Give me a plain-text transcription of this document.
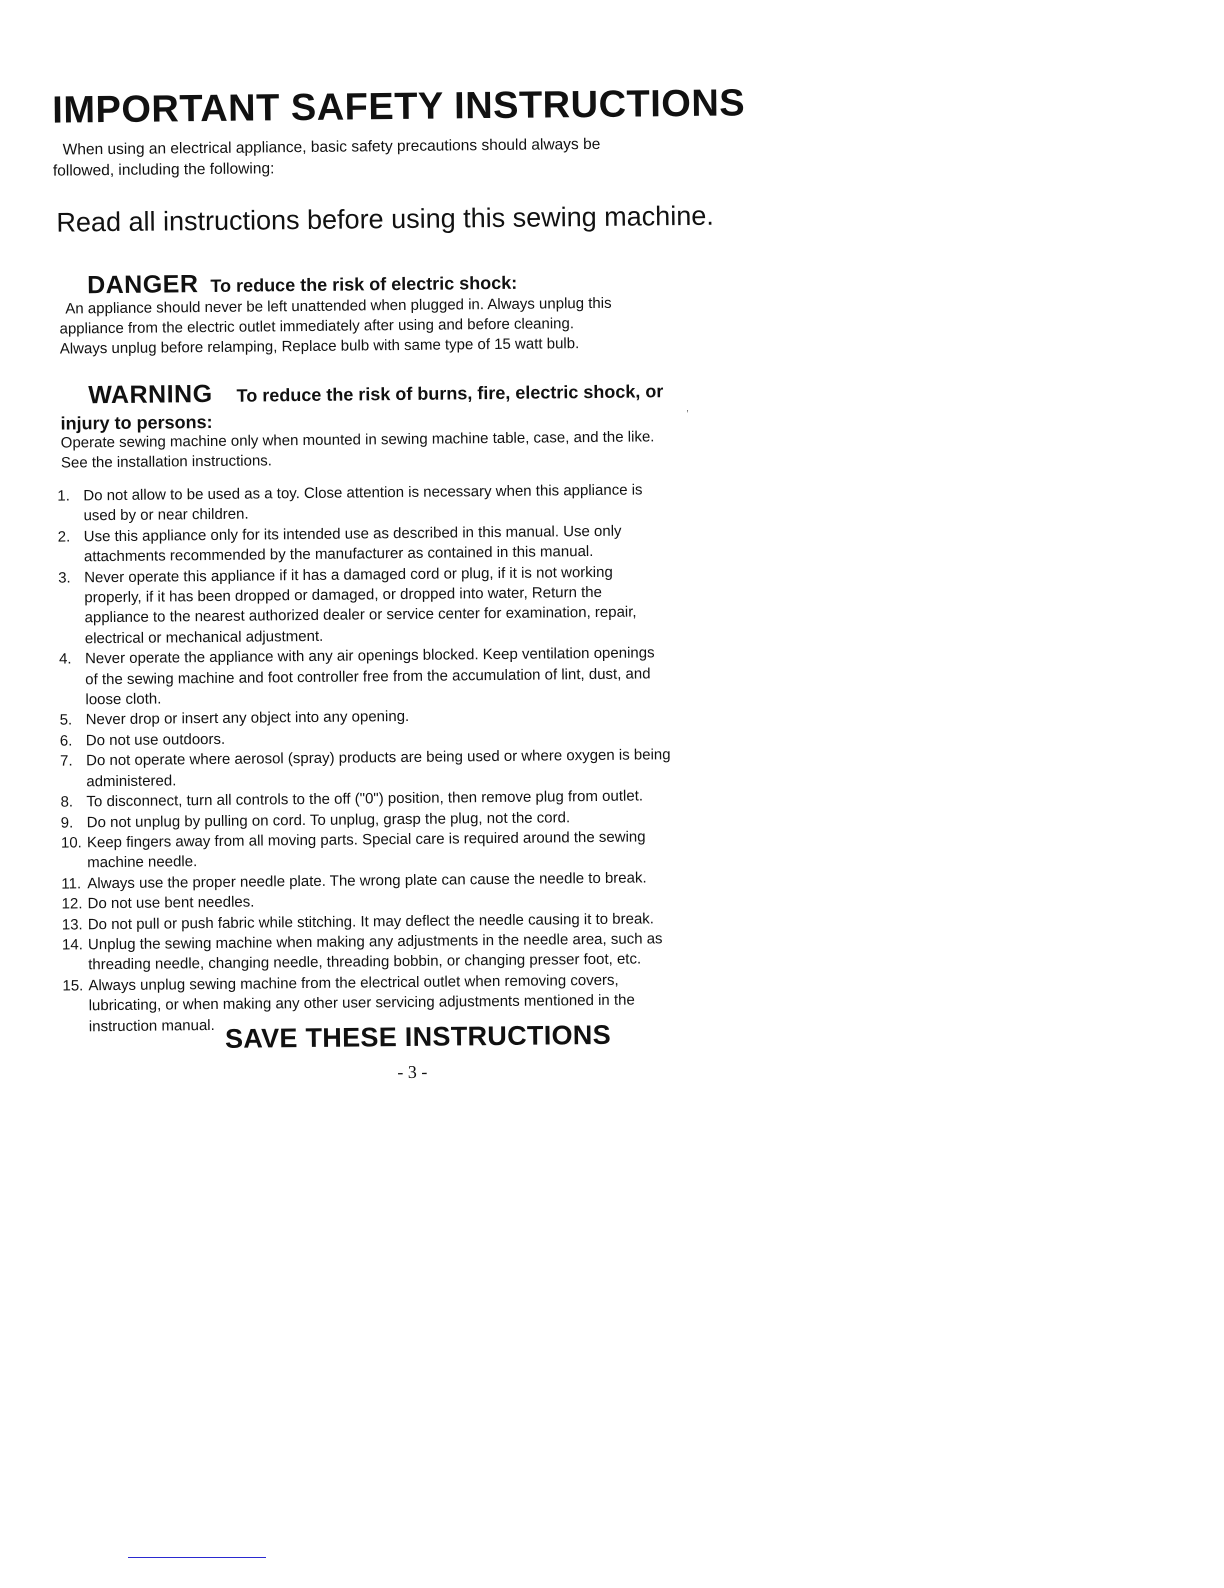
IMPORTANT SAFETY INSTRUCTIONS
When using an electrical appliance, basic safety precautions should always be
followed, including the following:
Read all instructions before using this sewing machine.
DANGER To reduce the risk of electric shock:
An appliance should never be left unattended when plugged in. Always unplug this
appliance from the electric outlet immediately after using and before cleaning.
Always unplug before relamping, Replace bulb with same type of 15 watt bulb.
WARNING To reduce the risk of burns, fire, electric shock, or
injury to persons:	’
Operate sewing machine only when mounted in sewing machine table, case, and the like.
See the installation instructions.
1. Do not allow to be used as a toy. Close attention is necessary when this appliance is
used by or near children.
2. Use this appliance only for its intended use as described in this manual. Use only
attachments recommended by the manufacturer as contained in this manual.
3. Never operate this appliance if it has a damaged cord or plug, if it is not working
properly, if it has been dropped or damaged, or dropped into water, Return the
appliance to the nearest authorized dealer or service center for examination, repair,
electrical or mechanical adjustment.
4. Never operate the appliance with any air openings blocked. Keep ventilation openings
of the sewing machine and foot controller free from the accumulation of lint, dust, and
loose cloth.
5. Never drop or insert any object into any opening.
6. Do not use outdoors.
7. Do not operate where aerosol (spray) products are being used or where oxygen is being
administered.
8. To disconnect, turn all controls to the off ("0") position, then remove plug from outlet.
9. Do not unplug by pulling on cord. To unplug, grasp the plug, not the cord.
10. Keep fingers away from all moving parts. Special care is required around the sewing
machine needle.
11. Always use the proper needle plate. The wrong plate can cause the needle to break.
12. Do not use bent needles.
13. Do not pull or push fabric while stitching. It may deflect the needle causing it to break.
14. Unplug the sewing machine when making any adjustments in the needle area, such as
threading needle, changing needle, threading bobbin, or changing presser foot, etc.
15. Always unplug sewing machine from the electrical outlet when removing covers,
lubricating, or when making any other user servicing adjustments mentioned in the
instruction manual. SAVE THESE INSTRUCTIONS
- 3 -
